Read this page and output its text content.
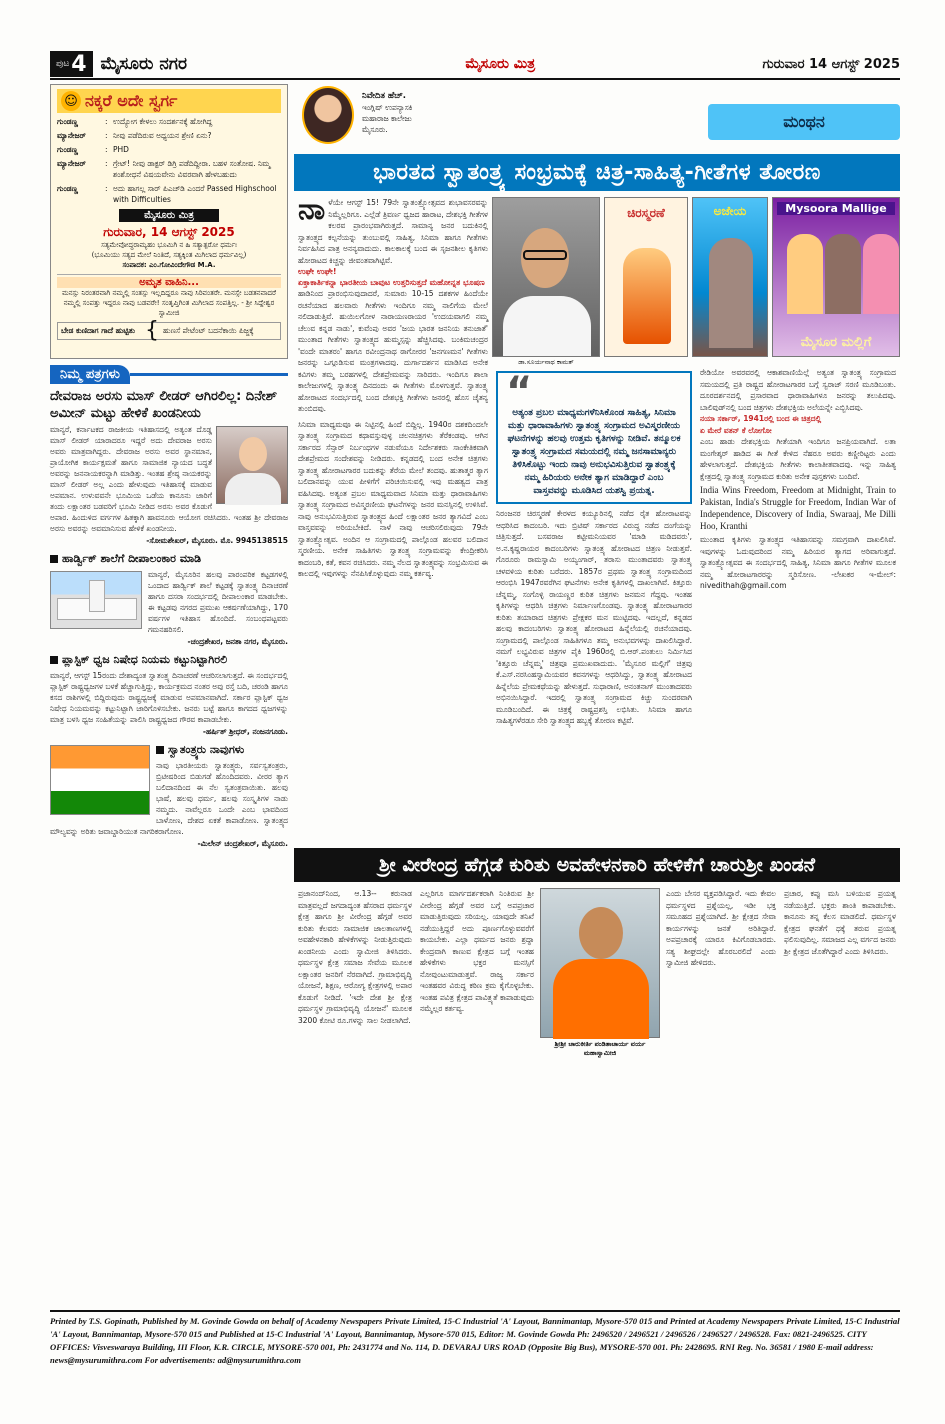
ಪುಟ 4 ಮೈಸೂರು ನಗರ	ಮೈಸೂರು ಮಿತ್ರ	ಗುರುವಾರ 14 ಆಗಸ್ಟ್ 2025
☺ ನಕ್ಕರೆ ಅದೇ ಸ್ವರ್ಗ
ಗುಂಡಣ್ಣ	: ಉದ್ಯೋಗ ಕೇಳಲು ಸಂದರ್ಶನಕ್ಕೆ ಹೋಗಿದ್ದ
ಮ್ಯಾನೇಜರ್	: ನೀವು ಪಡೆದಿರುವ ಅಧ್ಯಯನ ಶ್ರೇಣಿ ಏನು?
ಗುಂಡಣ್ಣ	: PHD
ಮ್ಯಾನೇಜರ್	: ಗ್ರೇಟ್! ನೀವು ಡಾಕ್ಟರ್ ಡಿಗ್ರಿ ಪಡೆದಿದ್ದೀರಾ. ಬಹಳ ಸಂತೋಷ. ನಿಮ್ಮ ಶಂಶೋಧನೆ ವಿಷಯವೇನು ವಿವರವಾಗಿ ಹೇಳಬಹುದು
ಗುಂಡಣ್ಣ	: ಅದು ಹಾಗಲ್ಲ ಸಾರ್ ಪಿಎಚ್‌ಡಿ ಎಂದರೆ Passed Highschool with Difficulties
ಮೈಸೂರು ಮಿತ್ರ
ಗುರುವಾರ, 14 ಆಗಸ್ಟ್ 2025
ಸತ್ಯಮೇವೋದ್ಧರಾಮ್ಯಹಂ ಭೂಮಿಗಿ ನ ಹಿ ಸತ್ಯಾತ್ಪರೋ ಧರ್ಮಃ
(ಭೂಮಿಯು ಸತ್ಯದ ಮೇಲೆ ನಿಂತಿದೆ, ಸತ್ಯಕ್ಕಿಂತ ಮಿಗಿಲಾದ ಧರ್ಮವಿಲ್ಲ)
ಸಂಪಾದಕ: ಎಂ.ಗೋವಿಂದೇಗೌಡ M.A.
ಅಮೃತ ವಾಹಿನಿ...
ಮನಸ್ಸು ನಿರಂತರವಾಗಿ ನಮ್ಮಲ್ಲಿ ಸಂತಸ್ಸು ಇಲ್ಲದಿದ್ದರೂ ನಾವು ಸಿರಿವಂತರೇ. ಮನಸ್ಸೇ ಬಡತನವಾದರೆ ನಮ್ಮಲ್ಲಿ ಸಂಪತ್ತು ಇದ್ದರೂ ನಾವು ಬಡವರೇ! ಸಂತೃಪ್ತಿಗಿಂತ ಮಿಗಿಲಾದ ಸಂಪತ್ತಿಲ್ಲ. - ಶ್ರೀ ಸಿದ್ದೇಶ್ವರ ಸ್ವಾಮೀಜಿ
ಬೇಡ ಕುಣಿದಾಗ ಗಾದೆ ಹುಟ್ಟಿತು { ಹುಣಸೆ ಪೇಟೆಂಟ್ ಬದನೆಕಾಯಿ ಪಿಜ್ಜಕ್ಕೆ
ನಿಮ್ಮ ಪತ್ರಗಳು
ದೇವರಾಜ ಅರಸು ಮಾಸ್ ಲೀಡರ್ ಆಗಿರಲಿಲ್ಲ: ದಿನೇಶ್ ಅಮೀನ್ ಮಟ್ಟು ಹೇಳಿಕೆ ಖಂಡನೀಯ
ಮಾನ್ಯರೆ, ಕರ್ನಾಟಕದ ರಾಜಕೀಯ ಇತಿಹಾಸದಲ್ಲಿ ಅತ್ಯಂತ ದೊಡ್ಡ ಮಾಸ್ ಲೀಡರ್ ಯಾರಾದರೂ ಇದ್ದರೆ ಅದು ದೇವರಾಜ ಅರಸು ಅವರು ಮಾತ್ರವಾಗಿದ್ದರು. ದೇವರಾಜ ಅರಸು ಅವರ ಸ್ಥಾನಮಾನ, ಪ್ರಾಯೋಗಿಕ ಕಾರ್ಯಕ್ಷಮತೆ ಹಾಗೂ ಸಾಮಾಜಿಕ ನ್ಯಾಯದ ಬದ್ಧತೆ ಅವರನ್ನು ಜನನಾಯಕರನ್ನಾಗಿ ಮಾಡಿತ್ತು. ಇಂತಹ ಶ್ರೇಷ್ಠ ನಾಯಕರನ್ನು ಮಾಸ್ ಲೀಡರ್ ಅಲ್ಲ ಎಂದು ಹೇಳುವುದು ಇತಿಹಾಸಕ್ಕೆ ಮಾಡುವ ಅಪಮಾನ. ಉಳುವವನೇ ಭೂಮಿಯ ಒಡೆಯ ಕಾನೂನು ಜಾರಿಗೆ ತಂದು ಲಕ್ಷಾಂತರ ಬಡವರಿಗೆ ಭೂಮಿ ನೀಡಿದ ಅರಸು ಅವರ ಕೊಡುಗೆ ಅಪಾರ. ಹಿಂದುಳಿದ ವರ್ಗಗಳ ಹಿತಕ್ಕಾಗಿ ಹಾವನೂರು ಆಯೋಗ ರಚಿಸಿದರು. ಇಂತಹ ಶ್ರೀ ದೇವರಾಜ ಅರಸು ಅವರನ್ನು ಅವಮಾನಿಸುವ ಹೇಳಿಕೆ ಖಂಡನೀಯ.
-ಸೋಮಶೇಖರ್, ಮೈಸೂರು. ಮೊ. 9945138515
ಹಾರ್ಡ್ವಿಕ್ ಶಾಲೆಗೆ ದೀಪಾಲಂಕಾರ ಮಾಡಿ
ಮಾನ್ಯರೆ, ಮೈಸೂರಿನ ಹಲವು ಪಾರಂಪರಿಕ ಕಟ್ಟಡಗಳಲ್ಲಿ ಒಂದಾದ ಹಾರ್ಡ್ವಿಕ್ ಶಾಲೆ ಕಟ್ಟಡಕ್ಕೆ ಸ್ವಾತಂತ್ರ್ಯ ದಿನಾಚರಣೆ ಹಾಗೂ ದಸರಾ ಸಂದರ್ಭದಲ್ಲಿ ದೀಪಾಲಂಕಾರ ಮಾಡಬೇಕು. ಈ ಕಟ್ಟಡವು ನಗರದ ಪ್ರಮುಖ ಆಕರ್ಷಣೆಯಾಗಿದ್ದು, 170 ವರ್ಷಗಳ ಇತಿಹಾಸ ಹೊಂದಿದೆ. ಸಂಬಂಧಪಟ್ಟವರು ಗಮನಹರಿಸಲಿ.
-ಚಂದ್ರಶೇಖರ, ಜನತಾ ನಗರ, ಮೈಸೂರು.
ಪ್ಲಾಸ್ಟಿಕ್ ಧ್ವಜ ನಿಷೇಧ ನಿಯಮ ಕಟ್ಟುನಿಟ್ಟಾಗಿರಲಿ
ಮಾನ್ಯರೆ, ಆಗಸ್ಟ್ 15ರಂದು ದೇಶಾದ್ಯಂತ ಸ್ವಾತಂತ್ರ್ಯ ದಿನಾಚರಣೆ ಆಚರಿಸಲಾಗುತ್ತದೆ. ಈ ಸಂದರ್ಭದಲ್ಲಿ ಪ್ಲಾಸ್ಟಿಕ್ ರಾಷ್ಟ್ರಧ್ವಜಗಳ ಬಳಕೆ ಹೆಚ್ಚಾಗುತ್ತಿದ್ದು, ಕಾರ್ಯಕ್ರಮದ ನಂತರ ಅವು ರಸ್ತೆ ಬದಿ, ಚರಂಡಿ ಹಾಗೂ ಕಸದ ರಾಶಿಗಳಲ್ಲಿ ಬಿದ್ದಿರುವುದು ರಾಷ್ಟ್ರಧ್ವಜಕ್ಕೆ ಮಾಡುವ ಅಪಮಾನವಾಗಿದೆ. ಸರ್ಕಾರ ಪ್ಲಾಸ್ಟಿಕ್ ಧ್ವಜ ನಿಷೇಧ ನಿಯಮವನ್ನು ಕಟ್ಟುನಿಟ್ಟಾಗಿ ಜಾರಿಗೊಳಿಸಬೇಕು. ಜನರು ಬಟ್ಟೆ ಹಾಗೂ ಕಾಗದದ ಧ್ವಜಗಳನ್ನು ಮಾತ್ರ ಬಳಸಿ ಧ್ವಜ ಸಂಹಿತೆಯನ್ನು ಪಾಲಿಸಿ ರಾಷ್ಟ್ರಧ್ವಜದ ಗೌರವ ಕಾಪಾಡಬೇಕು.
-ಹರ್ಷಿತ್ ಶ್ರೀಧರ್, ನಂಜನಗೂಡು.
ಸ್ವಾತಂತ್ರ್ಯರು ನಾವುಗಳು
ನಾವು ಭಾರತೀಯರು ಸ್ವಾತಂತ್ರ್ಯರು, ಸರ್ವಸ್ವತಂತ್ರರು, ಬ್ರಿಟೀಷರಿಂದ ಬಿಡುಗಡೆ ಹೊಂದಿದವರು. ವೀರರ ತ್ಯಾಗ ಬಲಿದಾನದಿಂದ ಈ ನೆಲ ಸ್ವತಂತ್ರವಾಯಿತು. ಹಲವು ಭಾಷೆ, ಹಲವು ಧರ್ಮ, ಹಲವು ಸಂಸ್ಕೃತಿಗಳ ನಾಡು ನಮ್ಮದು. ನಾವೆಲ್ಲರೂ ಒಂದೇ ಎಂಬ ಭಾವದಿಂದ ಬಾಳೋಣ, ದೇಶದ ಏಕತೆ ಕಾಪಾಡೋಣ. ಸ್ವಾತಂತ್ರ್ಯದ ಮೌಲ್ಯವನ್ನು ಅರಿತು ಜವಾಬ್ದಾರಿಯುತ ನಾಗರಿಕರಾಗೋಣ.
-ಮಿಲೇನ್ ಚಂದ್ರಶೇಖರ್, ಮೈಸೂರು.
ನಿವೇದಿತ ಹೆಚ್.
ಇಂಗ್ಲಿಷ್ ಉಪನ್ಯಾಸಕಿ
ಮಹಾರಾಜ ಕಾಲೇಜು
ಮೈಸೂರು.	ಮಂಥನ
ಭಾರತದ ಸ್ವಾತಂತ್ರ್ಯ ಸಂಭ್ರಮಕ್ಕೆ ಚಿತ್ರ-ಸಾಹಿತ್ಯ-ಗೀತೆಗಳ ತೋರಣ
ನಾ ಳೆಯೇ ಆಗಸ್ಟ್ 15! 79ನೇ ಸ್ವಾತಂತ್ರ್ಯೋತ್ಸವದ ಶುಭಾವಸರವನ್ನು ನಿಮ್ಮೆಲ್ಲರಿಗೂ. ಎಲ್ಲೆಡೆ ತ್ರಿವರ್ಣ ಧ್ವಜದ ಹಾರಾಟ, ದೇಶಭಕ್ತಿ ಗೀತೆಗಳ ಕಲರವ ಪ್ರಾರಂಭವಾಗಿರುತ್ತದೆ. ಸಾಮಾನ್ಯ ಜನರ ಬದುಕಿನಲ್ಲಿ ಸ್ವಾತಂತ್ರ್ಯದ ಕಲ್ಪನೆಯನ್ನು ತುಂಬುವಲ್ಲಿ ಸಾಹಿತ್ಯ, ಸಿನಿಮಾ ಹಾಗೂ ಗೀತೆಗಳು ನಿರ್ವಹಿಸಿದ ಪಾತ್ರ ಅನನ್ಯವಾದುದು. ಕಾಲಕಾಲಕ್ಕೆ ಬಂದ ಈ ಸೃಜನಶೀಲ ಕೃತಿಗಳು ಹೋರಾಟದ ಕಿಚ್ಚನ್ನು ಜೀವಂತವಾಗಿಟ್ಟಿವೆ.
ಉಘೇ ಉಘೇ!
ಏಕ್ತಾಕಾರ್ತಿಕನ್ನಾ ಭಾರತೀಯ ಬಾವುಟ ಉತ್ತರಿಸುತ್ತದೆ ಮಹೋನ್ನತ ಭೂಷಣ
ಹಾಡಿನಿಂದ ಪ್ರಾರಂಭಿಸುವುದಾದರೆ, ಸುಮಾರು 10-15 ದಶಕಗಳ ಹಿಂದೆಯೇ ರಚನೆಯಾದ ಹಲವಾರು ಗೀತೆಗಳು ಇಂದಿಗೂ ನಮ್ಮ ನಾಲಿಗೆಯ ಮೇಲೆ ನಲಿದಾಡುತ್ತಿವೆ. ಹುಯಿಲಗೋಳ ನಾರಾಯಣರಾಯರ 'ಉದಯವಾಗಲಿ ನಮ್ಮ ಚೆಲುವ ಕನ್ನಡ ನಾಡು', ಕುವೆಂಪು ಅವರ 'ಜಯ ಭಾರತ ಜನನಿಯ ತನುಜಾತೆ' ಮುಂತಾದ ಗೀತೆಗಳು ಸ್ವಾತಂತ್ರ್ಯದ ಹುಮ್ಮಸ್ಸನ್ನು ಹೆಚ್ಚಿಸಿದವು. ಬಂಕಿಮಚಂದ್ರರ 'ವಂದೇ ಮಾತರಂ' ಹಾಗೂ ರವೀಂದ್ರನಾಥ ಠಾಗೋರರ 'ಜನಗಣಮನ' ಗೀತೆಗಳು ಜನರನ್ನು ಒಗ್ಗೂಡಿಸುವ ಮಂತ್ರಗಳಾದವು. ದುರ್ಗಾದರ್ಶನ ಮಾಡಿಸಿದ ಅನೇಕ ಕವಿಗಳು ತಮ್ಮ ಬರಹಗಳಲ್ಲಿ ದೇಶಪ್ರೇಮವನ್ನು ಸಾರಿದರು. ಇಂದಿಗೂ ಶಾಲಾ ಕಾಲೇಜುಗಳಲ್ಲಿ ಸ್ವಾತಂತ್ರ್ಯ ದಿನದಂದು ಈ ಗೀತೆಗಳು ಮೊಳಗುತ್ತವೆ. ಸ್ವಾತಂತ್ರ್ಯ ಹೋರಾಟದ ಸಂದರ್ಭದಲ್ಲಿ ಬಂದ ದೇಶಭಕ್ತಿ ಗೀತೆಗಳು ಜನರಲ್ಲಿ ಹೊಸ ಚೈತನ್ಯ ತುಂಬಿದವು.
ಸಿನಿಮಾ ಮಾಧ್ಯಮವೂ ಈ ನಿಟ್ಟಿನಲ್ಲಿ ಹಿಂದೆ ಬಿದ್ದಿಲ್ಲ. 1940ರ ದಶಕದಿಂದಲೇ ಸ್ವಾತಂತ್ರ್ಯ ಸಂಗ್ರಾಮದ ಕಥಾವಸ್ತುವುಳ್ಳ ಚಲನಚಿತ್ರಗಳು ತೆರೆಕಂಡವು. ಆಗಿನ ಸರ್ಕಾರದ ಸೆನ್ಸಾರ್ ನಿರ್ಬಂಧಗಳ ನಡುವೆಯೂ ನಿರ್ದೇಶಕರು ಸಾಂಕೇತಿಕವಾಗಿ ದೇಶಪ್ರೇಮದ ಸಂದೇಶವನ್ನು ನೀಡಿದರು. ಕನ್ನಡದಲ್ಲಿ ಬಂದ ಅನೇಕ ಚಿತ್ರಗಳು ಸ್ವಾತಂತ್ರ್ಯ ಹೋರಾಟಗಾರರ ಬದುಕನ್ನು ತೆರೆಯ ಮೇಲೆ ತಂದವು. ಹುತಾತ್ಮರ ತ್ಯಾಗ ಬಲಿದಾನವನ್ನು ಯುವ ಪೀಳಿಗೆಗೆ ಪರಿಚಯಿಸುವಲ್ಲಿ ಇವು ಮಹತ್ವದ ಪಾತ್ರ ವಹಿಸಿದವು. ಅತ್ಯಂತ ಪ್ರಬಲ ಮಾಧ್ಯಮವಾದ ಸಿನಿಮಾ ಮತ್ತು ಧಾರಾವಾಹಿಗಳು ಸ್ವಾತಂತ್ರ್ಯ ಸಂಗ್ರಾಮದ ಅವಿಸ್ಮರಣೀಯ ಘಟನೆಗಳನ್ನು ಜನರ ಮನಸ್ಸಿನಲ್ಲಿ ಉಳಿಸಿವೆ. ನಾವು ಅನುಭವಿಸುತ್ತಿರುವ ಸ್ವಾತಂತ್ರ್ಯದ ಹಿಂದೆ ಲಕ್ಷಾಂತರ ಜನರ ತ್ಯಾಗವಿದೆ ಎಂಬ ವಾಸ್ತವವನ್ನು ಅರಿಯಬೇಕಿದೆ. ನಾಳೆ ನಾವು ಆಚರಿಸಲಿರುವುದು 79ನೇ ಸ್ವಾತಂತ್ರ್ಯೋತ್ಸವ. ಅಂದಿನ ಆ ಸಂಗ್ರಾಮದಲ್ಲಿ ಪಾಲ್ಗೊಂಡ ಹಲವರ ಬಲಿದಾನ ಸ್ಮರಣೀಯ. ಅನೇಕ ಸಾಹಿತಿಗಳು ಸ್ವಾತಂತ್ರ್ಯ ಸಂಗ್ರಾಮವನ್ನು ಕೇಂದ್ರೀಕರಿಸಿ ಕಾದಂಬರಿ, ಕತೆ, ಕವನ ರಚಿಸಿದರು. ನಮ್ಮ ನೆಲದ ಸ್ವಾತಂತ್ರ್ಯವನ್ನು ಸಂಭ್ರಮಿಸುವ ಈ ಕಾಲದಲ್ಲಿ ಇವುಗಳನ್ನು ನೆನಪಿಸಿಕೊಳ್ಳುವುದು ನಮ್ಮ ಕರ್ತವ್ಯ.
ಚಿರಸ್ಮರಣೆ	ಅಜೇಯ	Mysoora Mallige
ಮೈಸೂರ ಮಲ್ಲಿಗೆ
ಡಾ.ಸೂರ್ಯನಾಥ ಕಾಮತ್
“
ಅತ್ಯಂತ ಪ್ರಬಲ ಮಾಧ್ಯಮಗಳೆನಿಸಿಕೊಂಡ ಸಾಹಿತ್ಯ, ಸಿನಿಮಾ ಮತ್ತು ಧಾರಾವಾಹಿಗಳು ಸ್ವಾತಂತ್ರ್ಯ ಸಂಗ್ರಾಮದ ಅವಿಸ್ಮರಣೀಯ ಘಟನೆಗಳನ್ನು ಹಲವು ಉತ್ತಮ ಕೃತಿಗಳನ್ನು ನೀಡಿವೆ. ತನ್ಮೂಲಕ ಸ್ವಾತಂತ್ರ್ಯ ಸಂಗ್ರಾಮದ ಸಮಯದಲ್ಲಿ ನಮ್ಮ ಜನಸಾಮಾನ್ಯರು ತಿಳಿಸಿಕೊಟ್ಟು ಇಂದು ನಾವು ಅನುಭವಿಸುತ್ತಿರುವ ಸ್ವಾತಂತ್ರ್ಯಕ್ಕೆ ನಮ್ಮ ಹಿರಿಯರು ಅನೇಕ ತ್ಯಾಗ ಮಾಡಿದ್ದಾರೆ ಎಂಬ ವಾಸ್ತವವನ್ನು ಮೂಡಿಸಿದ ಯಶಸ್ವಿ ಪ್ರಯತ್ನ.
ನಿರಂಜನರ ಚಿರಸ್ಮರಣೆ ಕೇರಳದ ಕಯ್ಯೂರಿನಲ್ಲಿ ನಡೆದ ರೈತ ಹೋರಾಟವನ್ನು ಆಧರಿಸಿದ ಕಾದಂಬರಿ. ಇದು ಬ್ರಿಟಿಷ್ ಸರ್ಕಾರದ ವಿರುದ್ಧ ನಡೆದ ದಂಗೆಯನ್ನು ಚಿತ್ರಿಸುತ್ತದೆ. ಬಸವರಾಜ ಕಟ್ಟೀಮನಿಯವರ 'ಮಾಡಿ ಮಡಿದವರು', ಅ.ನ.ಕೃಷ್ಣರಾಯರ ಕಾದಂಬರಿಗಳು ಸ್ವಾತಂತ್ರ್ಯ ಹೋರಾಟದ ಚಿತ್ರಣ ನೀಡುತ್ತವೆ. ಗೊರೂರು ರಾಮಸ್ವಾಮಿ ಅಯ್ಯಂಗಾರ್, ತರಾಸು ಮುಂತಾದವರು ಸ್ವಾತಂತ್ರ್ಯ ಚಳವಳಿಯ ಕುರಿತು ಬರೆದರು. 1857ರ ಪ್ರಥಮ ಸ್ವಾತಂತ್ರ್ಯ ಸಂಗ್ರಾಮದಿಂದ ಆರಂಭಿಸಿ 1947ರವರೆಗಿನ ಘಟನೆಗಳು ಅನೇಕ ಕೃತಿಗಳಲ್ಲಿ ದಾಖಲಾಗಿವೆ. ಕಿತ್ತೂರು ಚೆನ್ನಮ್ಮ, ಸಂಗೊಳ್ಳಿ ರಾಯಣ್ಣರ ಕುರಿತ ಚಿತ್ರಗಳು ಜನಮನ ಗೆದ್ದವು. ಇಂತಹ ಕೃತಿಗಳನ್ನು ಆಧರಿಸಿ ಚಿತ್ರಗಳು ನಿರ್ಮಾಣಗೊಂಡವು. ಸ್ವಾತಂತ್ರ್ಯ ಹೋರಾಟಗಾರರ ಕುರಿತು ತಯಾರಾದ ಚಿತ್ರಗಳು ಪ್ರೇಕ್ಷಕರ ಮನ ಮುಟ್ಟಿದವು. ಇದಲ್ಲದೆ, ಕನ್ನಡದ ಹಲವು ಕಾದಂಬರಿಗಳು ಸ್ವಾತಂತ್ರ್ಯ ಹೋರಾಟದ ಹಿನ್ನೆಲೆಯಲ್ಲಿ ರಚನೆಯಾದವು. ಸಂಗ್ರಾಮದಲ್ಲಿ ಪಾಲ್ಗೊಂಡ ಸಾಹಿತಿಗಳೂ ತಮ್ಮ ಅನುಭವಗಳನ್ನು ದಾಖಲಿಸಿದ್ದಾರೆ. ನಮಗೆ ಲಭ್ಯವಿರುವ ಚಿತ್ರಗಳ ಪೈಕಿ 1960ರಲ್ಲಿ ಬಿ.ಆರ್.ಪಂತುಲು ನಿರ್ಮಿಸಿದ 'ಕಿತ್ತೂರು ಚೆನ್ನಮ್ಮ' ಚಿತ್ರವೂ ಪ್ರಮುಖವಾದುದು. 'ಮೈಸೂರ ಮಲ್ಲಿಗೆ' ಚಿತ್ರವು ಕೆ.ಎಸ್.ನರಸಿಂಹಸ್ವಾಮಿಯವರ ಕವನಗಳನ್ನು ಆಧರಿಸಿದ್ದು, ಸ್ವಾತಂತ್ರ್ಯ ಹೋರಾಟದ ಹಿನ್ನೆಲೆಯ ಪ್ರೇಮಕಥೆಯನ್ನು ಹೇಳುತ್ತದೆ. ಸುಧಾರಾಣಿ, ಅನಂತನಾಗ್ ಮುಂತಾದವರು ಅಭಿನಯಿಸಿದ್ದಾರೆ. ಇದರಲ್ಲಿ ಸ್ವಾತಂತ್ರ್ಯ ಸಂಗ್ರಾಮದ ಕಿಚ್ಚು ಸುಂದರವಾಗಿ ಮೂಡಿಬಂದಿದೆ. ಈ ಚಿತ್ರಕ್ಕೆ ರಾಷ್ಟ್ರಪ್ರಶಸ್ತಿ ಲಭಿಸಿತು. ಸಿನಿಮಾ ಹಾಗೂ ಸಾಹಿತ್ಯಗಳೆರಡೂ ಸೇರಿ ಸ್ವಾತಂತ್ರ್ಯದ ಹಬ್ಬಕ್ಕೆ ತೋರಣ ಕಟ್ಟಿವೆ.
ರೇಡಿಯೋ ಅವರವರಲ್ಲಿ ಆಕಾಶವಾಣಿಯೆಲ್ಲೆ ಅತ್ಯಂತ ಸ್ವಾತಂತ್ರ್ಯ ಸಂಗ್ರಾಮದ ಸಮಯದಲ್ಲಿ ಪ್ರತಿ ರಾಷ್ಟ್ರದ ಹೋರಾಟಗಾರರ ಬಗ್ಗೆ ಸ್ವರಾಜ್ ಸರಣಿ ಮೂಡಿಬಂತು. ದೂರದರ್ಶನದಲ್ಲಿ ಪ್ರಸಾರವಾದ ಧಾರಾವಾಹಿಗಳೂ ಜನರನ್ನು ತಲುಪಿದವು. ಬಾಲಿವುಡ್‌ನಲ್ಲಿ ಬಂದ ಚಿತ್ರಗಳು ದೇಶಭಕ್ತಿಯ ಅಲೆಯನ್ನೇ ಎಬ್ಬಿಸಿದವು.
ನಯಾ ಸರ್ಕಾರ್, 1941ರಲ್ಲಿ ಬಂದ ಈ ಚಿತ್ರದಲ್ಲಿ
ಏ ಮೇರೆ ವತನ್ ಕೆ ಲೋಗೋ
ಎಂಬ ಹಾಡು ದೇಶಭಕ್ತಿಯ ಗೀತೆಯಾಗಿ ಇಂದಿಗೂ ಜನಪ್ರಿಯವಾಗಿದೆ. ಲತಾ ಮಂಗೇಶ್ಕರ್ ಹಾಡಿದ ಈ ಗೀತೆ ಕೇಳಿದ ನೆಹರೂ ಅವರು ಕಣ್ಣೀರಿಟ್ಟರು ಎಂದು ಹೇಳಲಾಗುತ್ತದೆ. ದೇಶಭಕ್ತಿಯ ಗೀತೆಗಳು ಕಾಲಾತೀತವಾದವು. ಇನ್ನು ಸಾಹಿತ್ಯ ಕ್ಷೇತ್ರದಲ್ಲಿ ಸ್ವಾತಂತ್ರ್ಯ ಸಂಗ್ರಾಮದ ಕುರಿತು ಅನೇಕ ಪುಸ್ತಕಗಳು ಬಂದಿವೆ.
India Wins Freedom, Freedom at Midnight, Train to Pakistan, India's Struggle for Freedom, Indian War of Independence, Discovery of India, Swaraaj, Me Dilli Hoo, Kranthi
ಮುಂತಾದ ಕೃತಿಗಳು ಸ್ವಾತಂತ್ರ್ಯದ ಇತಿಹಾಸವನ್ನು ಸಮಗ್ರವಾಗಿ ದಾಖಲಿಸಿವೆ. ಇವುಗಳನ್ನು ಓದುವುದರಿಂದ ನಮ್ಮ ಹಿರಿಯರ ತ್ಯಾಗದ ಅರಿವಾಗುತ್ತದೆ. ಸ್ವಾತಂತ್ರ್ಯೋತ್ಸವದ ಈ ಸಂದರ್ಭದಲ್ಲಿ ಸಾಹಿತ್ಯ, ಸಿನಿಮಾ ಹಾಗೂ ಗೀತೆಗಳ ಮೂಲಕ ನಮ್ಮ ಹೋರಾಟಗಾರರನ್ನು ಸ್ಮರಿಸೋಣ. -ಲೇಖಕರ ಇ-ಮೇಲ್: nivedithah@gmail.com
ಶ್ರೀ ವೀರೇಂದ್ರ ಹೆಗ್ಗಡೆ ಕುರಿತು ಅವಹೇಳನಕಾರಿ ಹೇಳಿಕೆಗೆ ಚಾರುಶ್ರೀ ಖಂಡನೆ
ಪ್ರಜಾನಂದ್‌ನಿಂದ, ಆ.13-- ಕರುನಾಡ ಮಾತ್ರವಲ್ಲದೆ ಜಗದಾದ್ಯಂತ ಹೆಸರಾದ ಧರ್ಮಸ್ಥಳ ಕ್ಷೇತ್ರ ಹಾಗೂ ಶ್ರೀ ವೀರೇಂದ್ರ ಹೆಗ್ಗಡೆ ಅವರ ಕುರಿತು ಕೆಲವರು ಸಾಮಾಜಿಕ ಜಾಲತಾಣಗಳಲ್ಲಿ ಅವಹೇಳನಕಾರಿ ಹೇಳಿಕೆಗಳನ್ನು ನೀಡುತ್ತಿರುವುದು ಖಂಡನೀಯ ಎಂದು ಸ್ವಾಮೀಜಿ ತಿಳಿಸಿದರು. ಧರ್ಮಸ್ಥಳ ಕ್ಷೇತ್ರ ಸಮಾಜ ಸೇವೆಯ ಮೂಲಕ ಲಕ್ಷಾಂತರ ಜನರಿಗೆ ನೆರವಾಗಿದೆ. ಗ್ರಾಮಾಭಿವೃದ್ಧಿ ಯೋಜನೆ, ಶಿಕ್ಷಣ, ಆರೋಗ್ಯ ಕ್ಷೇತ್ರಗಳಲ್ಲಿ ಅಪಾರ ಕೊಡುಗೆ ನೀಡಿದೆ. 'ಇದೇ ದೇಶ ಶ್ರೀ ಕ್ಷೇತ್ರ ಧರ್ಮಸ್ಥಳ ಗ್ರಾಮಾಭಿವೃದ್ಧಿ ಯೋಜನೆ' ಮೂಲಕ 3200 ಕೋಟಿ ರೂ.ಗಳನ್ನು ಸಾಲ ನೀಡಲಾಗಿದೆ.
ಎಲ್ಲರಿಗೂ ಮಾರ್ಗದರ್ಶಕರಾಗಿ ನಿಂತಿರುವ ಶ್ರೀ ವೀರೇಂದ್ರ ಹೆಗ್ಗಡೆ ಅವರ ಬಗ್ಗೆ ಅಪಪ್ರಚಾರ ಮಾಡುತ್ತಿರುವುದು ಸರಿಯಲ್ಲ. ಯಾವುದೇ ತನಿಖೆ ನಡೆಯುತ್ತಿದ್ದರೆ ಅದು ಪೂರ್ಣಗೊಳ್ಳುವವರೆಗೆ ಕಾಯಬೇಕು. ಎಲ್ಲಾ ಧರ್ಮದ ಜನರು ಶ್ರದ್ಧಾ ಕೇಂದ್ರವಾಗಿ ಕಾಣುವ ಕ್ಷೇತ್ರದ ಬಗ್ಗೆ ಇಂತಹ ಹೇಳಿಕೆಗಳು ಭಕ್ತರ ಮನಸ್ಸಿಗೆ ನೋವುಂಟುಮಾಡುತ್ತವೆ. ರಾಜ್ಯ ಸರ್ಕಾರ ಇಂತಹವರ ವಿರುದ್ಧ ಕಠಿಣ ಕ್ರಮ ಕೈಗೊಳ್ಳಬೇಕು. ಇಂತಹ ಪವಿತ್ರ ಕ್ಷೇತ್ರದ ಪಾವಿತ್ರ್ಯತೆ ಕಾಪಾಡುವುದು ನಮ್ಮೆಲ್ಲರ ಕರ್ತವ್ಯ.
ಶ್ರೀಶ್ರೀ ಚಾರುಕೀರ್ತಿ ಪಂಡಿತಾಚಾರ್ಯ ವರ್ಯ ಮಹಾಸ್ವಾಮೀಜಿ
ಎಂದು ಬೇಸರ ವ್ಯಕ್ತಪಡಿಸಿದ್ದಾರೆ. ಇದು ಕೇವಲ ಧರ್ಮಸ್ಥಳದ ಪ್ರಶ್ನೆಯಲ್ಲ, ಇಡೀ ಭಕ್ತ ಸಮೂಹದ ಪ್ರಶ್ನೆಯಾಗಿದೆ. ಶ್ರೀ ಕ್ಷೇತ್ರದ ಸೇವಾ ಕಾರ್ಯಗಳನ್ನು ಜನತೆ ಅರಿತಿದ್ದಾರೆ. ಅಪಪ್ರಚಾರಕ್ಕೆ ಯಾರೂ ಕಿವಿಗೊಡಬಾರದು. ಸತ್ಯ ಶೀಘ್ರದಲ್ಲೇ ಹೊರಬರಲಿದೆ ಎಂದು ಸ್ವಾಮೀಜಿ ಹೇಳಿದರು.
ಪ್ರಚಾರ, ಕಪ್ಪು ಮಸಿ ಬಳಿಯುವ ಪ್ರಯತ್ನ ನಡೆಯುತ್ತಿದೆ. ಭಕ್ತರು ಶಾಂತಿ ಕಾಪಾಡಬೇಕು. ಕಾನೂನು ತನ್ನ ಕೆಲಸ ಮಾಡಲಿದೆ. ಧರ್ಮಸ್ಥಳ ಕ್ಷೇತ್ರದ ಘನತೆಗೆ ಧಕ್ಕೆ ತರುವ ಪ್ರಯತ್ನ ಫಲಿಸುವುದಿಲ್ಲ. ಸಮಾಜದ ಎಲ್ಲ ವರ್ಗದ ಜನರು ಶ್ರೀ ಕ್ಷೇತ್ರದ ಜೊತೆಗಿದ್ದಾರೆ ಎಂದು ತಿಳಿಸಿದರು.
Printed by T.S. Gopinath, Published by M. Govinde Gowda on behalf of Academy Newspapers Private Limited, 15-C Industrial 'A' Layout, Bannimantap, Mysore-570 015 and Printed at Academy Newspapers Private Limited, 15-C Industrial 'A' Layout, Bannimantap, Mysore-570 015 and Published at 15-C Industrial 'A' Layout, Bannimantap, Mysore-570 015, Editor: M. Govinde Gowda Ph: 2496520 / 2496521 / 2496526 / 2496527 / 2496528. Fax: 0821-2496525. CITY OFFICES: Visveswaraya Building, III Floor, K.R. CIRCLE, MYSORE-570 001, Ph: 2431774 and No. 114, D. DEVARAJ URS ROAD (Opposite Big Bus), MYSORE-570 001. Ph: 2428695. RNI Reg. No. 36581 / 1980 E-mail address: news@mysurumithra.com For advertisements: ad@mysurumithra.com
